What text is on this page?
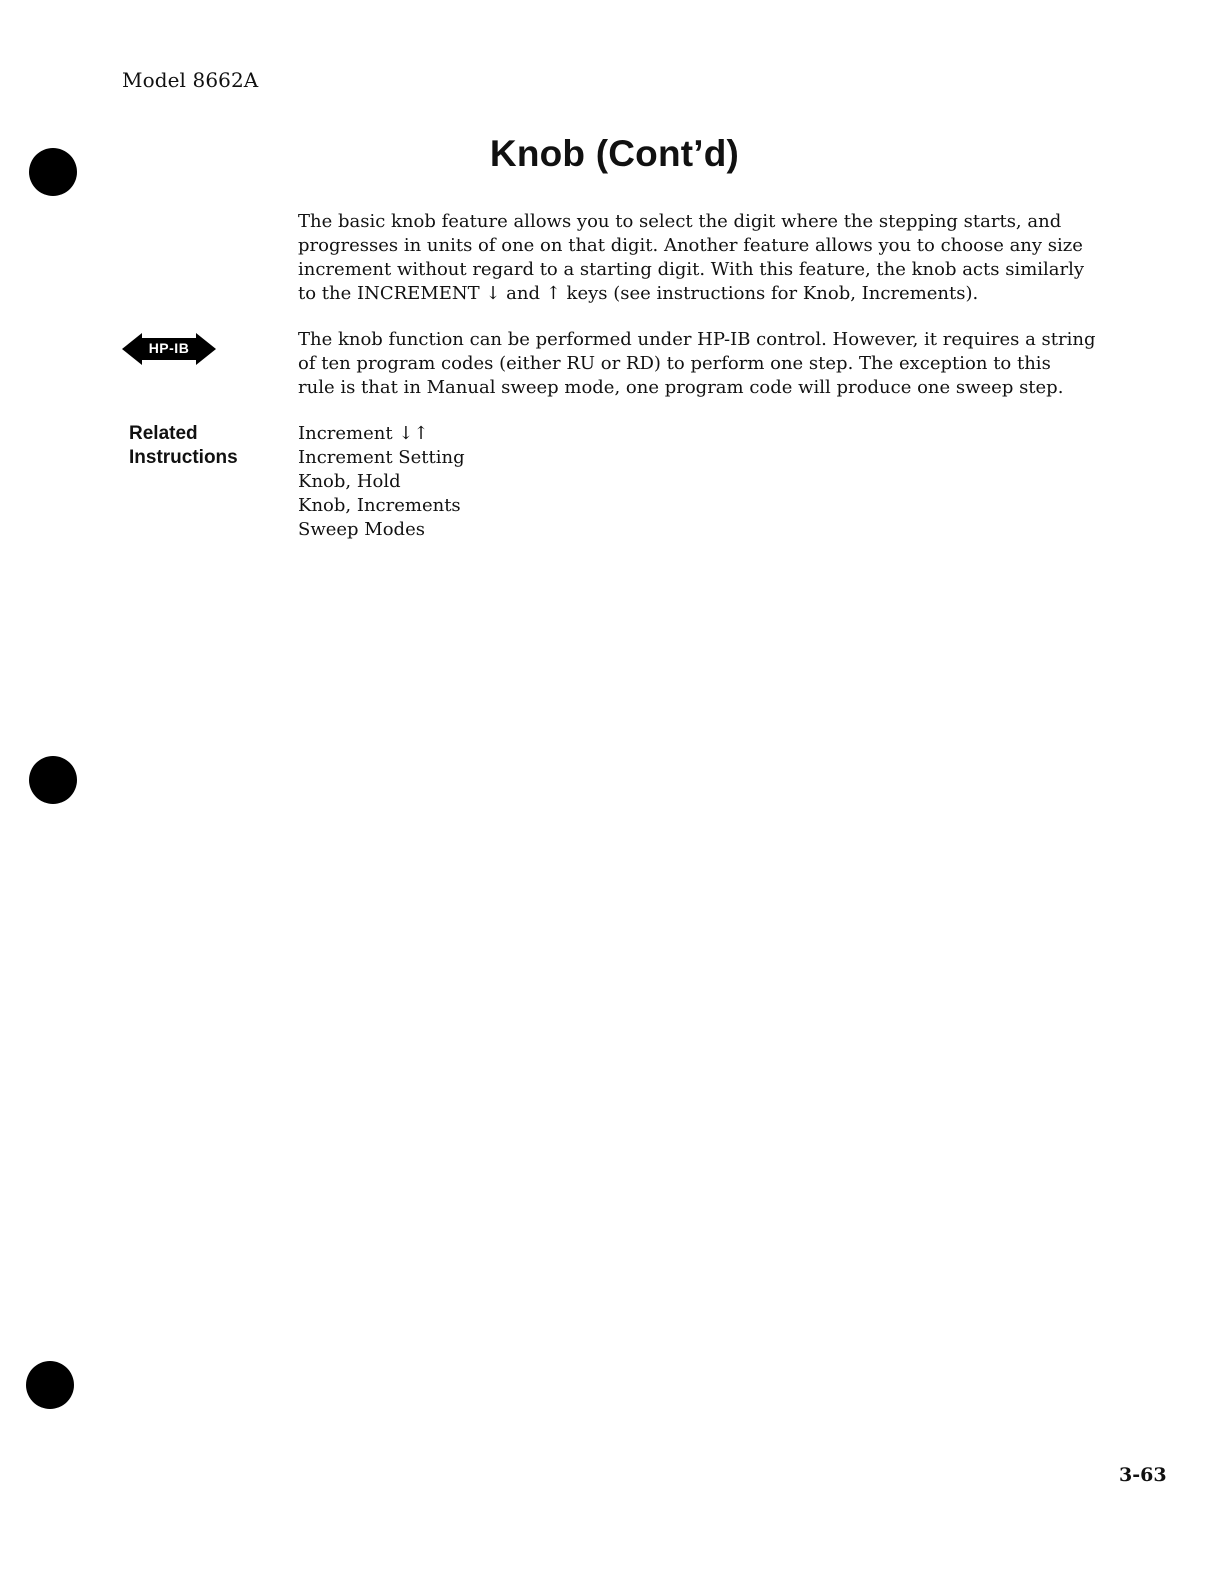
Model 8662A
Knob (Cont’d)

The basic knob feature allows you to select the digit where the stepping starts, and

progresses in units of one on that digit. Another feature allows you to choose any size

increment without regard to a starting digit. With this feature, the knob acts similarly

to the INCREMENT ↓ and ↑ keys (see instructions for Knob, Increments).

HP-IB	The knob function can be performed under HP-IB control. However, it requires a string

of ten program codes (either RU or RD) to perform one step. The exception to this

rule is that in Manual sweep mode, one program code will produce one sweep step.

Related
Instructions

Increment ↓↑

Increment Setting

Knob, Hold

Knob, Increments

Sweep Modes

3-63
